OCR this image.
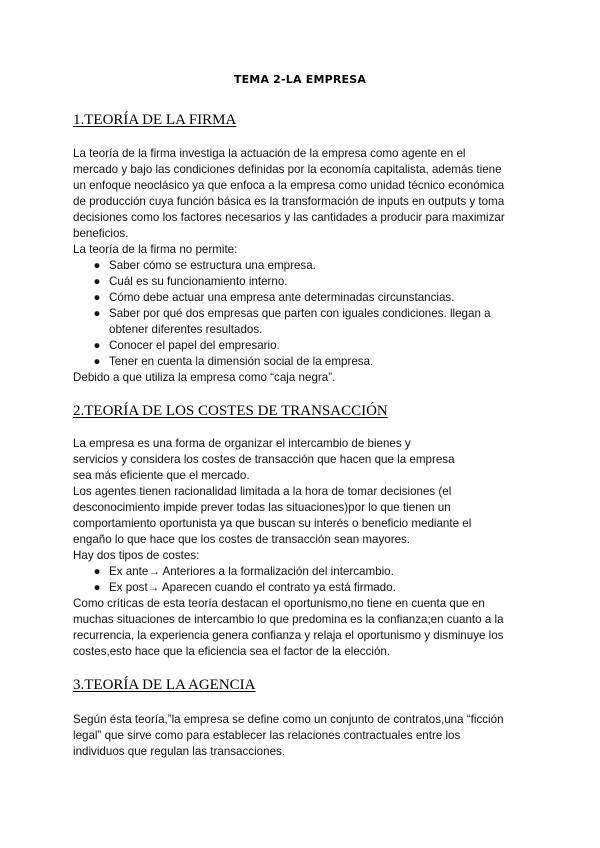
TEMA 2-LA EMPRESA
1.TEORÍA DE LA FIRMA

La teoría de la firma investiga la actuación de la empresa como agente en el

mercado y bajo las condiciones definidas por la economía capitalista, además tiene

un enfoque neoclásico ya que enfoca a la empresa como unidad técnico económica

de producción cuya función básica es la transformación de inputs en outputs y toma

decisiones como los factores necesarios y las cantidades a producir para maximizar

beneficios.

La teoría de la firma no permite:

● Saber cómo se estructura una empresa.
● Cuál es su funcionamiento interno.
● Cómo debe actuar una empresa ante determinadas circunstancias.
● Saber por qué dos empresas que parten con iguales condiciones. llegan a
obtener diferentes resultados.
● Conocer el papel del empresario.
● Tener en cuenta la dimensión social de la empresa.

Debido a que utiliza la empresa como “caja negra”.

2.TEORÍA DE LOS COSTES DE TRANSACCIÓN

La empresa es una forma de organizar el intercambio de bienes y

servicios y considera los costes de transacción que hacen que la empresa

sea más eficiente que el mercado.

Los agentes tienen racionalidad limitada a la hora de tomar decisiones (el

desconocimiento impide prever todas las situaciones)por lo que tienen un

comportamiento oportunista ya que buscan su interés o beneficio mediante el

engaño lo que hace que los costes de transacción sean mayores.

Hay dos tipos de costes:

● Ex ante→ Anteriores a la formalización del intercambio.
● Ex post→ Aparecen cuando el contrato ya está firmado.

Como críticas de esta teoría destacan el oportunismo,no tiene en cuenta que en

muchas situaciones de intercambio lo que predomina es la confianza;en cuanto a la

recurrencia, la experiencia genera confianza y relaja el oportunismo y disminuye los

costes,esto hace que la eficiencia sea el factor de la elección.

3.TEORÍA DE LA AGENCIA

Según ésta teoría,”la empresa se define como un conjunto de contratos,una “ficción

legal” que sirve como para establecer las relaciones contractuales entre los

individuos que regulan las transacciones.
